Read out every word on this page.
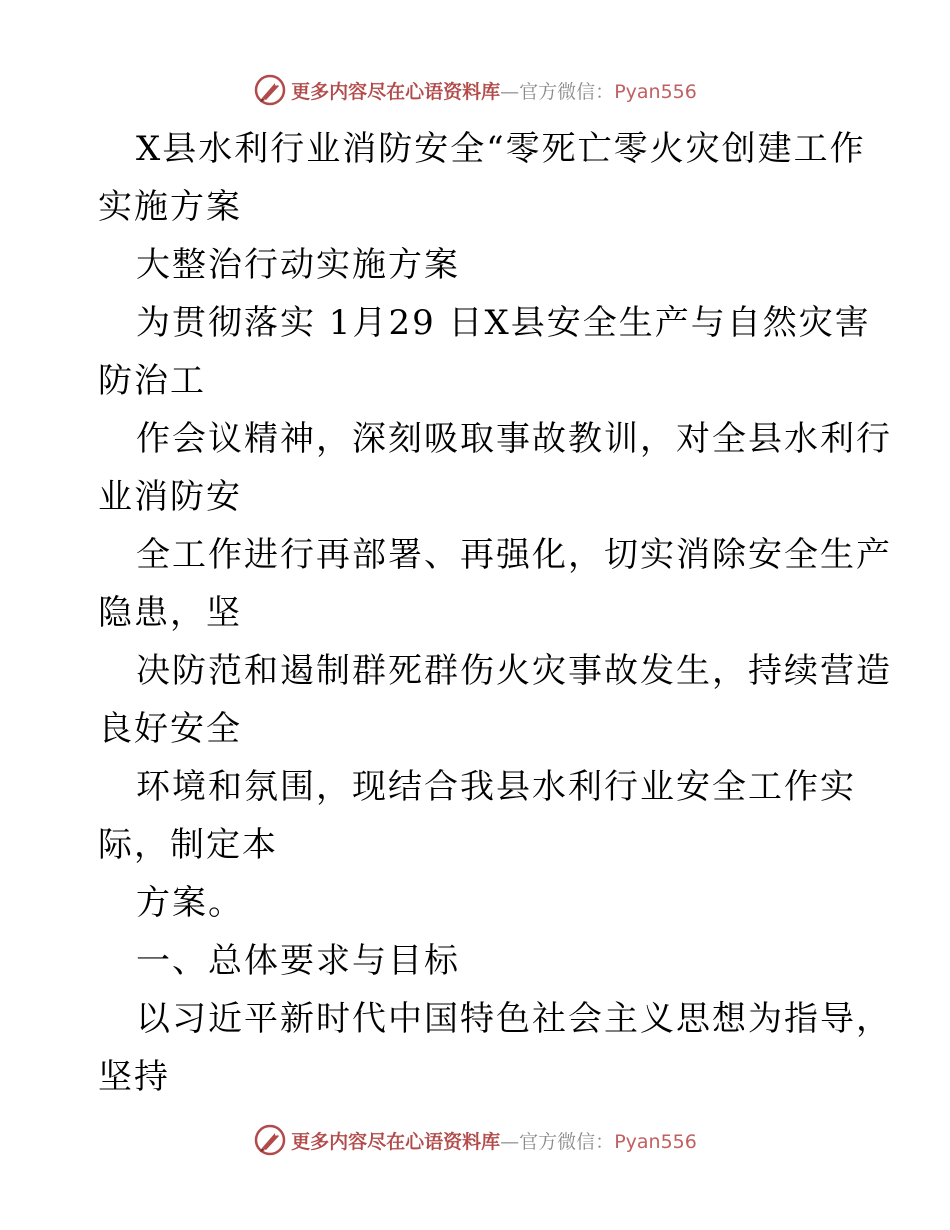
更多内容尽在心语资料库—官方微信：Pyan556

X县水利行业消防安全“零死亡零火灾创建工作

实施方案

大整治行动实施方案

为贯彻落实 1月29 日X县安全生产与自然灾害

防治工

作会议精神，深刻吸取事故教训，对全县水利行

业消防安

全工作进行再部署、再强化，切实消除安全生产

隐患，坚

决防范和遏制群死群伤火灾事故发生，持续营造

良好安全

环境和氛围，现结合我县水利行业安全工作实

际，制定本

方案。

一、总体要求与目标

以习近平新时代中国特色社会主义思想为指导，

坚持

更多内容尽在心语资料库—官方微信：Pyan556
